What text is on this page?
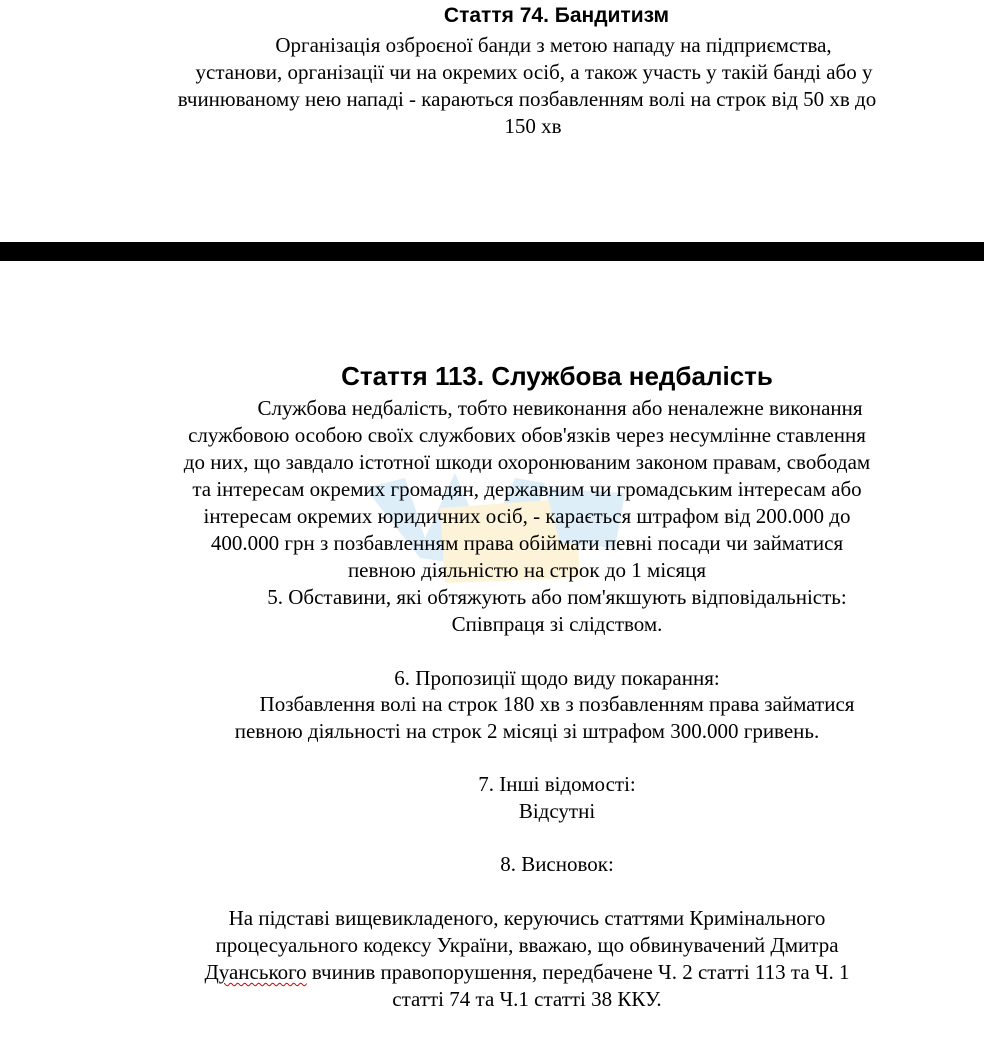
Стаття 74. Бандитизм
Організація озброєної банди з метою нападу на підприємства,
установи, організації чи на окремих осіб, а також участь у такій банді або у
вчинюваному нею нападі - караються позбавленням волі на строк від 50 хв до
150 хв
Стаття 113. Службова недбалість
Службова недбалість, тобто невиконання або неналежне виконання
службовою особою своїх службових обов'язків через несумлінне ставлення
до них, що завдало істотної шкоди охоронюваним законом правам, свободам
та інтересам окремих громадян, державним чи громадським інтересам або
інтересам окремих юридичних осіб, - карається штрафом від 200.000 до
400.000 грн з позбавленням права обіймати певні посади чи займатися
певною діяльністю на строк до 1 місяця
5. Обставини, які обтяжують або пом'якшують відповідальність:
Співпраця зі слідством.
6. Пропозиції щодо виду покарання:
Позбавлення волі на строк 180 хв з позбавленням права займатися
певною діяльності на строк 2 місяці зі штрафом 300.000 гривень.
7. Інші відомості:
Відсутні
8. Висновок:
На підставі вищевикладеного, керуючись статтями Кримінального
процесуального кодексу України, вважаю, що обвинувачений Дмитра
Дуанського вчинив правопорушення, передбачене Ч. 2 статті 113 та Ч. 1
статті 74 та Ч.1 статті 38 ККУ.
